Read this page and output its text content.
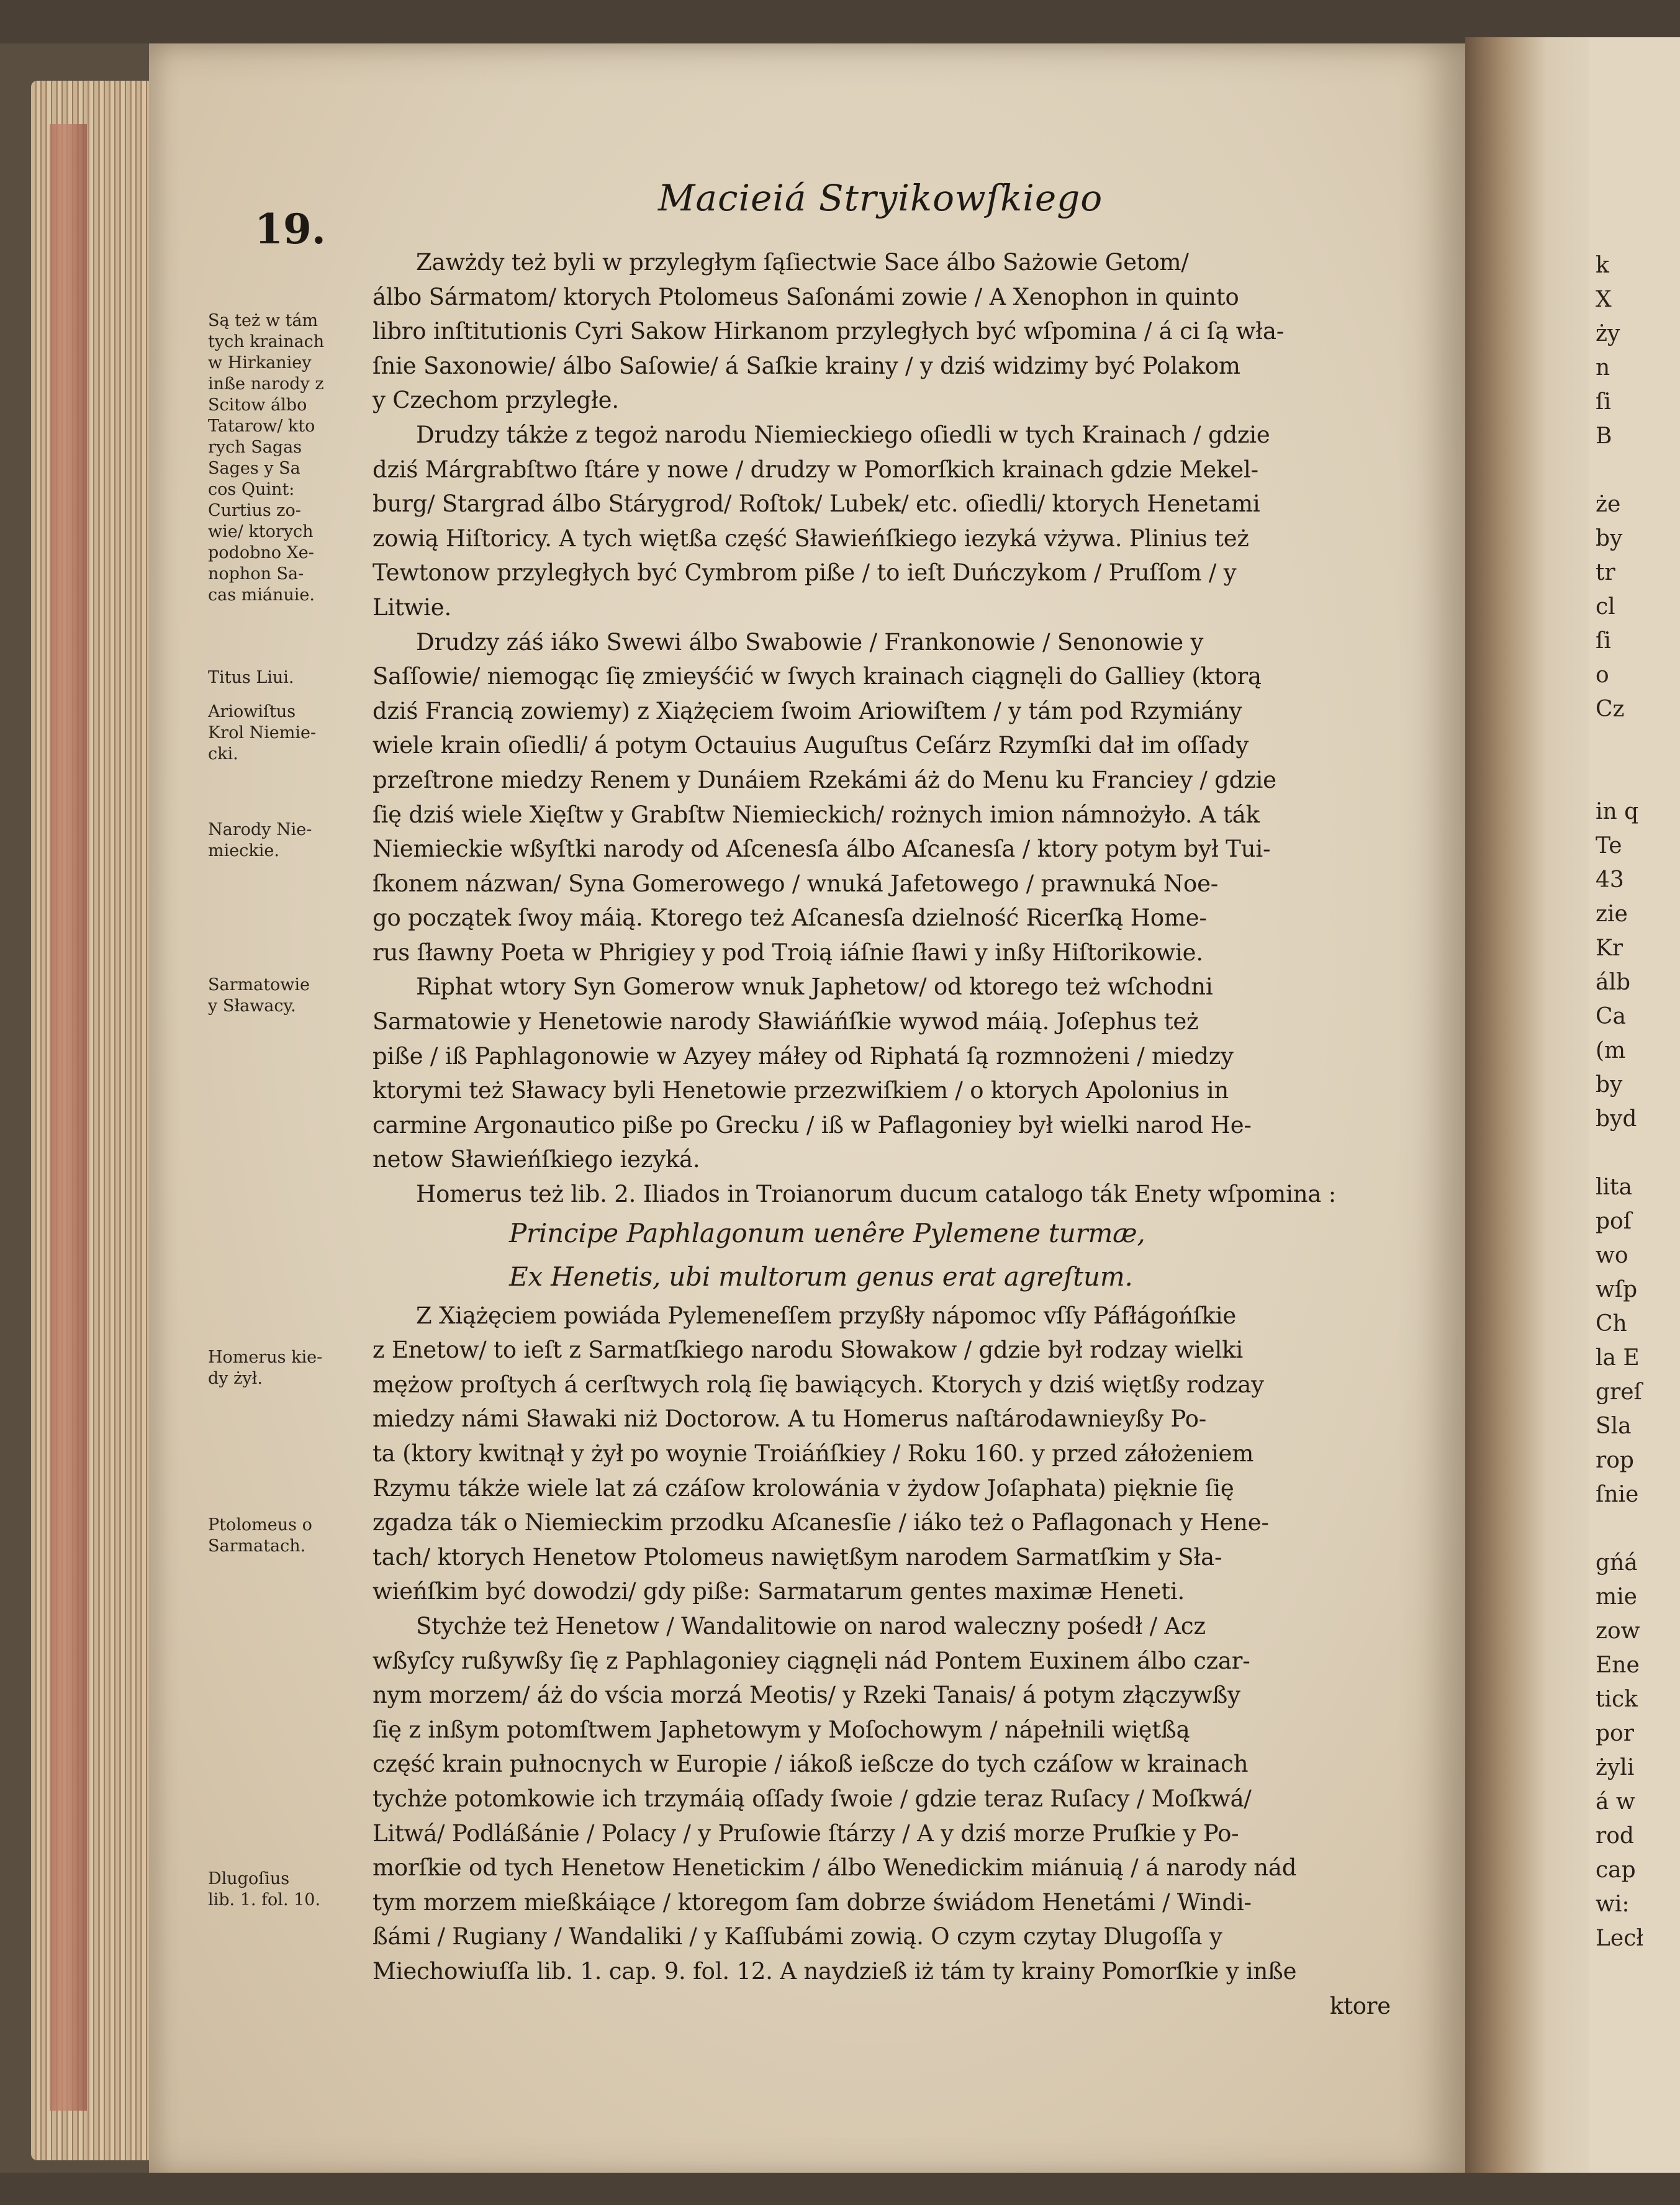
k
X
ży
n
ſi
B

że
by
tr
cl
ſi
o
Cz

in q
Te
43
zie
Kr
álb
Ca
(m
by
byd

lita
poſ
wo
wſp
Ch
la E
greſ
Sla
rop
ſnie

gńá
mie
zow
Ene
tick
por
żyli
á w
rod
cap
wi:
Lecł
19.
Macieiá Stryikowſkiego
Są też w tám
tych krainach
w Hirkaniey
inße narody z
Scitow álbo
Tatarow/ kto
rych Sagas
Sages y Sa
cos Quint:
Curtius zo-
wie/ ktorych
podobno Xe-
nophon Sa-
cas miánuie.
Titus Liui.
Ariowiſtus
Krol Niemie-
cki.
Narody Nie-
mieckie.
Sarmatowie
y Sławacy.
Homerus kie-
dy żył.
Ptolomeus o
Sarmatach.
Dlugoſius
lib. 1. fol. 10.
Zawżdy też byli w przyległym ſąſiectwie Sace álbo Sażowie Getom/
álbo Sármatom/ ktorych Ptolomeus Saſonámi zowie / A Xenophon in quinto
libro inſtitutionis Cyri Sakow Hirkanom przyległych być wſpomina / á ci ſą wła-
ſnie Saxonowie/ álbo Saſowie/ á Saſkie krainy / y dziś widzimy być Polakom
y Czechom przyległe.
Drudzy tákże z tegoż narodu Niemieckiego oſiedli w tych Krainach / gdzie
dziś Márgrabſtwo ſtáre y nowe / drudzy w Pomorſkich krainach gdzie Mekel-
burg/ Stargrad álbo Stárygrod/ Roſtok/ Lubek/ etc. oſiedli/ ktorych Henetami
zowią Hiſtoricy. A tych więtßa część Sławieńſkiego iezyká vżywa. Plinius też
Tewtonow przyległych być Cymbrom piße / to ieſt Duńczykom / Pruſſom / y
Litwie.
Drudzy záś iáko Swewi álbo Swabowie / Frankonowie / Senonowie y
Saſſowie/ niemogąc ſię zmieyśćić w ſwych krainach ciągnęli do Galliey (ktorą
dziś Francią zowiemy) z Xiążęciem ſwoim Ariowiſtem / y tám pod Rzymiány
wiele krain oſiedli/ á potym Octauius Auguſtus Ceſárz Rzymſki dał im oſſady
przeſtrone miedzy Renem y Dunáiem Rzekámi áż do Menu ku Franciey / gdzie
ſię dziś wiele Xięſtw y Grabſtw Niemieckich/ rożnych imion námnożyło. A ták
Niemieckie wßyſtki narody od Aſcenesſa álbo Aſcanesſa / ktory potym był Tui-
ſkonem názwan/ Syna Gomerowego / wnuká Jafetowego / prawnuká Noe-
go początek ſwoy máią. Ktorego też Aſcanesſa dzielność Ricerſką Home-
rus ſławny Poeta w Phrigiey y pod Troią iáſnie ſławi y inßy Hiſtorikowie.
Riphat wtory Syn Gomerow wnuk Japhetow/ od ktorego też wſchodni
Sarmatowie y Henetowie narody Sławiáńſkie wywod máią. Joſephus też
piße / iß Paphlagonowie w Azyey máłey od Riphatá ſą rozmnożeni / miedzy
ktorymi też Sławacy byli Henetowie przezwiſkiem / o ktorych Apolonius in
carmine Argonautico piße po Grecku / iß w Paflagoniey był wielki narod He-
netow Sławieńſkiego iezyká.
Homerus też lib. 2. Iliados in Troianorum ducum catalogo ták Enety wſpomina :
Principe Paphlagonum uenêre Pylemene turmæ,
Ex Henetis, ubi multorum genus erat agreſtum.
Z Xiążęciem powiáda Pylemeneſſem przyßły nápomoc vſſy Páfłágońſkie
z Enetow/ to ieſt z Sarmatſkiego narodu Słowakow / gdzie był rodzay wielki
mężow proſtych á cerſtwych rolą ſię bawiących. Ktorych y dziś więtßy rodzay
miedzy námi Sławaki niż Doctorow. A tu Homerus naſtárodawnieyßy Po-
ta (ktory kwitnął y żył po woynie Troiáńſkiey / Roku 160. y przed záłożeniem
Rzymu tákże wiele lat zá czáſow krolowánia v żydow Joſaphata) pięknie ſię
zgadza ták o Niemieckim przodku Aſcanesſie / iáko też o Paflagonach y Hene-
tach/ ktorych Henetow Ptolomeus nawiętßym narodem Sarmatſkim y Sła-
wieńſkim być dowodzi/ gdy piße: Sarmatarum gentes maximæ Heneti.
Stychże też Henetow / Wandalitowie on narod waleczny pośedł / Acz
wßyſcy rußywßy ſię z Paphlagoniey ciągnęli nád Pontem Euxinem álbo czar-
nym morzem/ áż do vścia morzá Meotis/ y Rzeki Tanais/ á potym złączywßy
ſię z inßym potomſtwem Japhetowym y Moſochowym / nápełnili więtßą
część krain pułnocnych w Europie / iákoß ießcze do tych czáſow w krainach
tychże potomkowie ich trzymáią oſſady ſwoie / gdzie teraz Ruſacy / Moſkwá/
Litwá/ Podláßánie / Polacy / y Pruſowie ſtárzy / A y dziś morze Pruſkie y Po-
morſkie od tych Henetow Henetickim / álbo Wenedickim miánuią / á narody nád
tym morzem mießkáiące / ktoregom ſam dobrze świádom Henetámi / Windi-
ßámi / Rugiany / Wandaliki / y Kaſſubámi zowią. O czym czytay Dlugoſſa y
Miechowiuſſa lib. 1. cap. 9. fol. 12. A naydzieß iż tám ty krainy Pomorſkie y inße
ktore
